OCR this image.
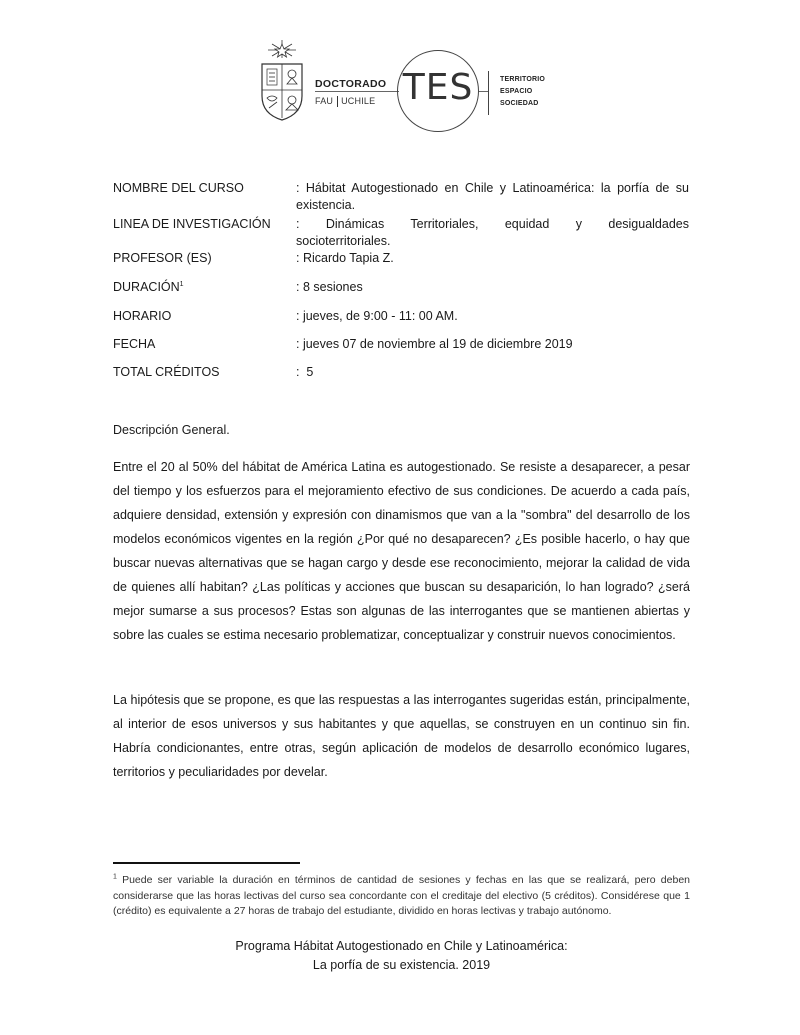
DOCTORADO
FAU UCHILE TES	TERRITORIO
ESPACIO
SOCIEDAD
NOMBRE DEL CURSO	: Hábitat Autogestionado en Chile y Latinoamérica: la porfía de su existencia.
LINEA DE INVESTIGACIÓN	: Dinámicas Territoriales, equidad y desigualdades
socioterritoriales.
PROFESOR (ES)	: Ricardo Tapia Z.
DURACIÓN$^1$	: 8 sesiones
HORARIO	: jueves, de 9:00 - 11: 00 AM.
FECHA	: jueves 07 de noviembre al 19 de diciembre 2019
TOTAL CRÉDITOS	:  5
Descripción General.
Entre el 20 al 50% del hábitat de América Latina es autogestionado. Se resiste a desaparecer, a pesar del tiempo y los esfuerzos para el mejoramiento efectivo de sus condiciones. De acuerdo a cada país, adquiere densidad, extensión y expresión con dinamismos que van a la "sombra" del desarrollo de los modelos económicos vigentes en la región ¿Por qué no desaparecen? ¿Es posible hacerlo, o hay que buscar nuevas alternativas que se hagan cargo y desde ese reconocimiento, mejorar la calidad de vida de quienes allí habitan? ¿Las políticas y acciones que buscan su desaparición, lo han logrado? ¿será mejor sumarse a sus procesos? Estas son algunas de las interrogantes que se mantienen abiertas y sobre las cuales se estima necesario problematizar, conceptualizar y construir nuevos conocimientos.
La hipótesis que se propone, es que las respuestas a las interrogantes sugeridas están, principalmente, al interior de esos universos y sus habitantes y que aquellas, se construyen en un continuo sin fin. Habría condicionantes, entre otras, según aplicación de modelos de desarrollo económico lugares, territorios y peculiaridades por develar.
$^1$ Puede ser variable la duración en términos de cantidad de sesiones y fechas en las que se realizará, pero deben considerarse que las horas lectivas del curso sea concordante con el creditaje del electivo (5 créditos). Considérese que 1 (crédito) es equivalente a 27 horas de trabajo del estudiante, dividido en horas lectivas y trabajo autónomo.
Programa Hábitat Autogestionado en Chile y Latinoamérica:
La porfía de su existencia. 2019
